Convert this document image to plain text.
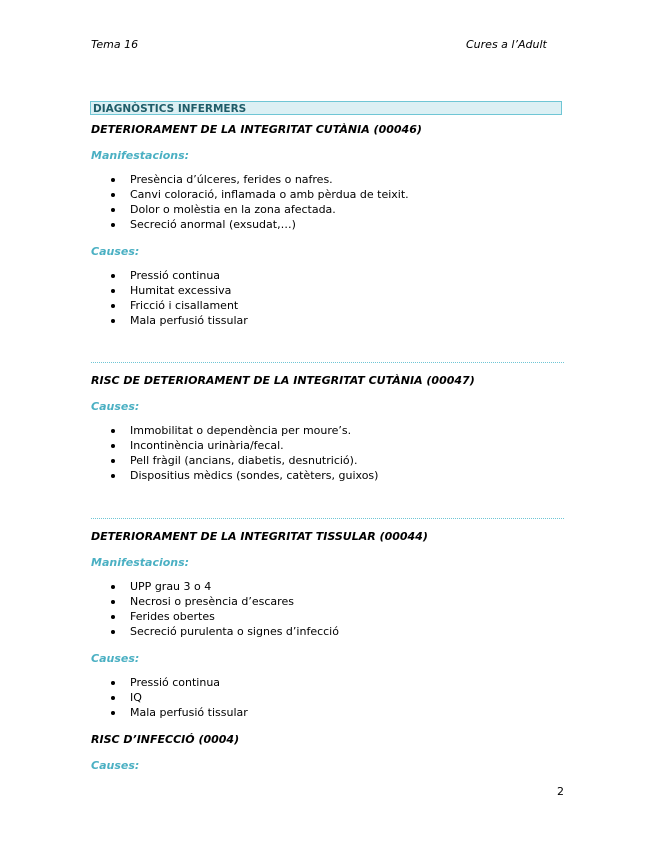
Tema 16	Cures a l’Adult
DIAGNÒSTICS INFERMERS
DETERIORAMENT DE LA INTEGRITAT CUTÀNIA (00046)
Manifestacions:
Presència d’úlceres, ferides o nafres.
Canvi coloració, inflamada o amb pèrdua de teixit.
Dolor o molèstia en la zona afectada.
Secreció anormal (exsudat,…)
Causes:
Pressió continua
Humitat excessiva
Fricció i cisallament
Mala perfusió tissular
RISC DE DETERIORAMENT DE LA INTEGRITAT CUTÀNIA (00047)
Causes:
Immobilitat o dependència per moure’s.
Incontinència urinària/fecal.
Pell fràgil (ancians, diabetis, desnutrició).
Dispositius mèdics (sondes, catèters, guixos)
DETERIORAMENT DE LA INTEGRITAT TISSULAR (00044)
Manifestacions:
UPP grau 3 o 4
Necrosi o presència d’escares
Ferides obertes
Secreció purulenta o signes d’infecció
Causes:
Pressió continua
IQ
Mala perfusió tissular
RISC D’INFECCIÓ (0004)
Causes:
2
